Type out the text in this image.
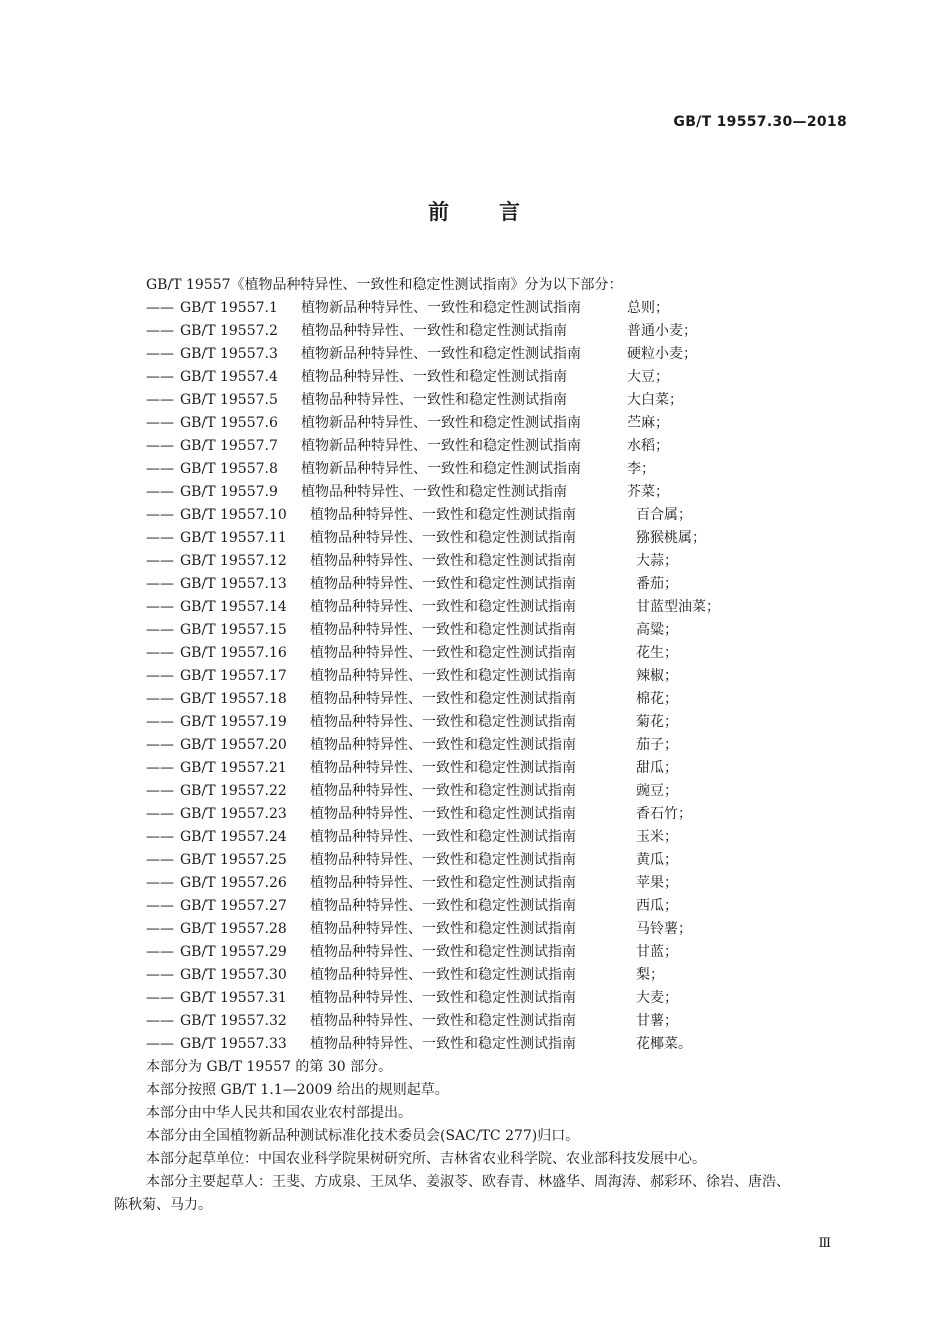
GB/T 19557.30—2018
前 言
GB/T 19557《植物品种特异性、一致性和稳定性测试指南》分为以下部分：
—— GB/T 19557.1	植物新品种特异性、一致性和稳定性测试指南	总则；
—— GB/T 19557.2	植物品种特异性、一致性和稳定性测试指南	普通小麦；
—— GB/T 19557.3	植物新品种特异性、一致性和稳定性测试指南	硬粒小麦；
—— GB/T 19557.4	植物品种特异性、一致性和稳定性测试指南	大豆；
—— GB/T 19557.5	植物品种特异性、一致性和稳定性测试指南	大白菜；
—— GB/T 19557.6	植物新品种特异性、一致性和稳定性测试指南	苎麻；
—— GB/T 19557.7	植物新品种特异性、一致性和稳定性测试指南	水稻；
—— GB/T 19557.8	植物新品种特异性、一致性和稳定性测试指南	李；
—— GB/T 19557.9	植物品种特异性、一致性和稳定性测试指南	芥菜；
—— GB/T 19557.10	植物品种特异性、一致性和稳定性测试指南	百合属；
—— GB/T 19557.11	植物品种特异性、一致性和稳定性测试指南	猕猴桃属；
—— GB/T 19557.12	植物品种特异性、一致性和稳定性测试指南	大蒜；
—— GB/T 19557.13	植物品种特异性、一致性和稳定性测试指南	番茄；
—— GB/T 19557.14	植物品种特异性、一致性和稳定性测试指南	甘蓝型油菜；
—— GB/T 19557.15	植物品种特异性、一致性和稳定性测试指南	高粱；
—— GB/T 19557.16	植物品种特异性、一致性和稳定性测试指南	花生；
—— GB/T 19557.17	植物品种特异性、一致性和稳定性测试指南	辣椒；
—— GB/T 19557.18	植物品种特异性、一致性和稳定性测试指南	棉花；
—— GB/T 19557.19	植物品种特异性、一致性和稳定性测试指南	菊花；
—— GB/T 19557.20	植物品种特异性、一致性和稳定性测试指南	茄子；
—— GB/T 19557.21	植物品种特异性、一致性和稳定性测试指南	甜瓜；
—— GB/T 19557.22	植物品种特异性、一致性和稳定性测试指南	豌豆；
—— GB/T 19557.23	植物品种特异性、一致性和稳定性测试指南	香石竹；
—— GB/T 19557.24	植物品种特异性、一致性和稳定性测试指南	玉米；
—— GB/T 19557.25	植物品种特异性、一致性和稳定性测试指南	黄瓜；
—— GB/T 19557.26	植物品种特异性、一致性和稳定性测试指南	苹果；
—— GB/T 19557.27	植物品种特异性、一致性和稳定性测试指南	西瓜；
—— GB/T 19557.28	植物品种特异性、一致性和稳定性测试指南	马铃薯；
—— GB/T 19557.29	植物品种特异性、一致性和稳定性测试指南	甘蓝；
—— GB/T 19557.30	植物品种特异性、一致性和稳定性测试指南	梨；
—— GB/T 19557.31	植物品种特异性、一致性和稳定性测试指南	大麦；
—— GB/T 19557.32	植物品种特异性、一致性和稳定性测试指南	甘薯；
—— GB/T 19557.33	植物品种特异性、一致性和稳定性测试指南	花椰菜。
本部分为 GB/T 19557 的第 30 部分。
本部分按照 GB/T 1.1—2009 给出的规则起草。
本部分由中华人民共和国农业农村部提出。
本部分由全国植物新品种测试标准化技术委员会(SAC/TC 277)归口。
本部分起草单位：中国农业科学院果树研究所、吉林省农业科学院、农业部科技发展中心。
本部分主要起草人：王斐、方成泉、王凤华、姜淑苓、欧春青、林盛华、周海涛、郝彩环、徐岩、唐浩、
陈秋菊、马力。
Ⅲ
